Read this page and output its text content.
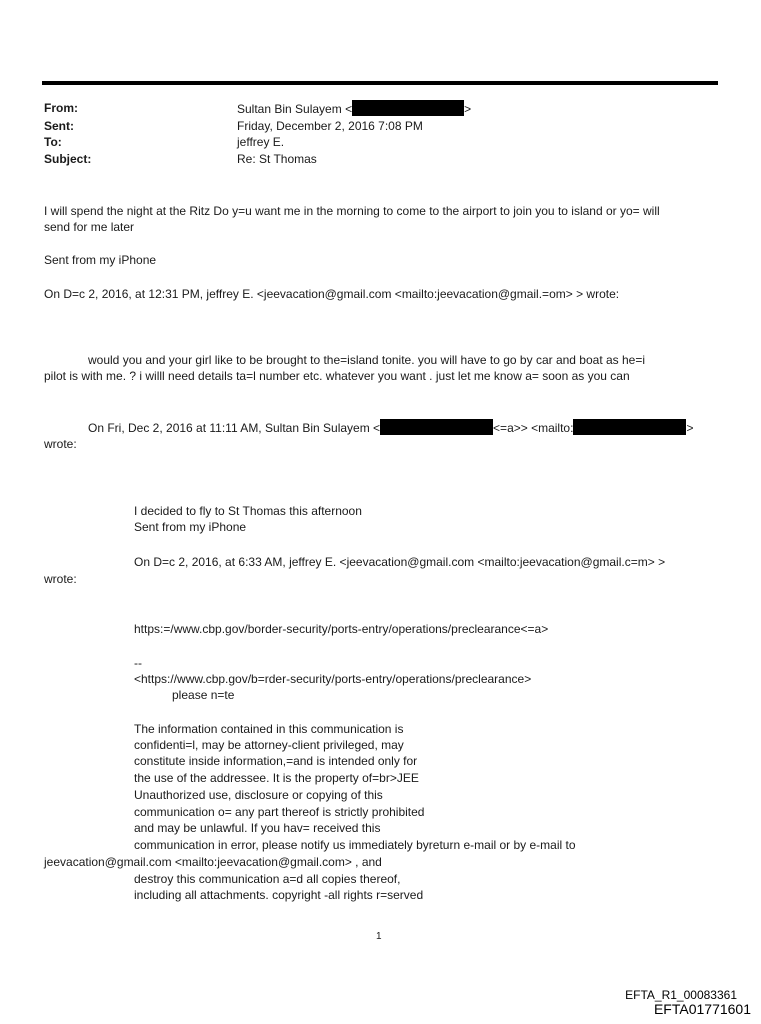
From:	Sultan Bin Sulayem <	>
Sent:	Friday, December 2, 2016 7:08 PM
To:	jeffrey E.
Subject:	Re: St Thomas
I will spend the night at the Ritz Do y=u want me in the morning to come to the airport to join you to island or yo= will
send for me later
Sent from my iPhone
On D=c 2, 2016, at 12:31 PM, jeffrey E. <jeevacation@gmail.com <mailto:jeevacation@gmail.=om> > wrote:
would you and your girl like to be brought to the=island tonite. you will have to go by car and boat as he=i
pilot is with me. ? i willl need details ta=l number etc. whatever you want . just let me know a= soon as you can
On Fri, Dec 2, 2016 at 11:11 AM, Sultan Bin Sulayem <	<=a>> <mailto:	>
wrote:
I decided to fly to St Thomas this afternoon
Sent from my iPhone
On D=c 2, 2016, at 6:33 AM, jeffrey E. <jeevacation@gmail.com <mailto:jeevacation@gmail.c=m> >
wrote:
https:=/www.cbp.gov/border-security/ports-entry/operations/preclearance<=a>
--
<https://www.cbp.gov/b=rder-security/ports-entry/operations/preclearance>
please n=te
The information contained in this communication is
confidenti=l, may be attorney-client privileged, may
constitute inside information,=and is intended only for
the use of the addressee. It is the property of=br>JEE
Unauthorized use, disclosure or copying of this
communication o= any part thereof is strictly prohibited
and may be unlawful. If you hav= received this
communication in error, please notify us immediately byreturn e-mail or by e-mail to
jeevacation@gmail.com <mailto:jeevacation@gmail.com> , and
destroy this communication a=d all copies thereof,
including all attachments. copyright -all rights r=served
1
EFTA_R1_00083361
EFTA01771601
